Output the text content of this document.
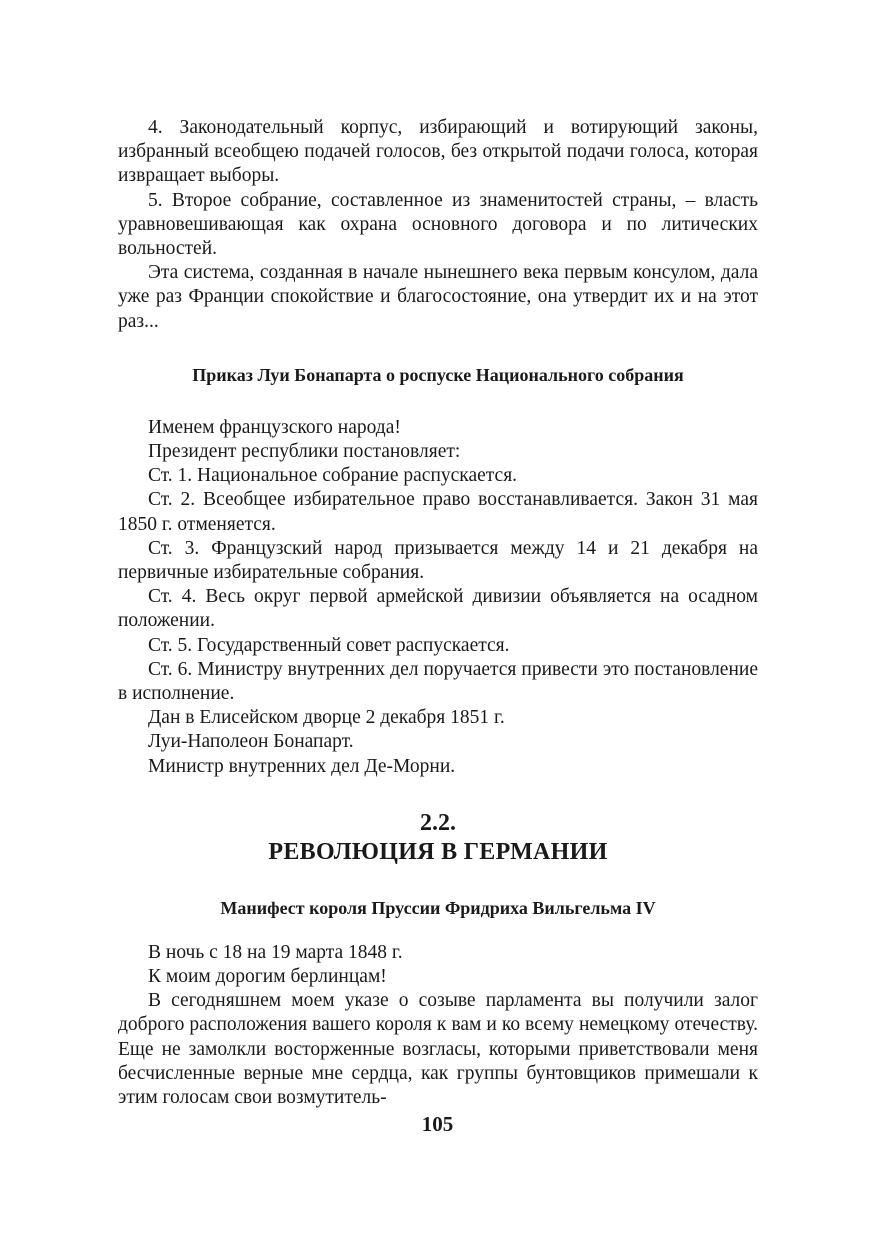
4. Законодательный корпус, избирающий и вотирующий законы, избранный всеобщею подачей голосов, без открытой подачи голоса, которая извращает выборы.

5. Второе собрание, составленное из знаменитостей страны, – власть уравновешивающая как охрана основного договора и по литических вольностей.

Эта система, созданная в начале нынешнего века первым консулом, дала уже раз Франции спокойствие и благосостояние, она утвердит их и на этот раз...

Приказ Луи Бонапарта о роспуске Национального собрания

Именем французского народа!

Президент республики постановляет:

Ст. 1. Национальное собрание распускается.

Ст. 2. Всеобщее избирательное право восстанавливается. Закон 31 мая 1850 г. отменяется.

Ст. 3. Французский народ призывается между 14 и 21 декабря на первичные избирательные собрания.

Ст. 4. Весь округ первой армейской дивизии объявляется на осадном положении.

Ст. 5. Государственный совет распускается.

Ст. 6. Министру внутренних дел поручается привести это постановление в исполнение.

Дан в Елисейском дворце 2 декабря 1851 г.

Луи-Наполеон Бонапарт.

Министр внутренних дел Де-Морни.

2.2.
РЕВОЛЮЦИЯ В ГЕРМАНИИ
Манифест короля Пруссии Фридриха Вильгельма IV

В ночь с 18 на 19 марта 1848 г.

К моим дорогим берлинцам!

В сегодняшнем моем указе о созыве парламента вы получили залог доброго расположения вашего короля к вам и ко всему немецкому отечеству. Еще не замолкли восторженные возгласы, которыми приветствовали меня бесчисленные верные мне сердца, как группы бунтовщиков примешали к этим голосам свои возмутитель-

105
